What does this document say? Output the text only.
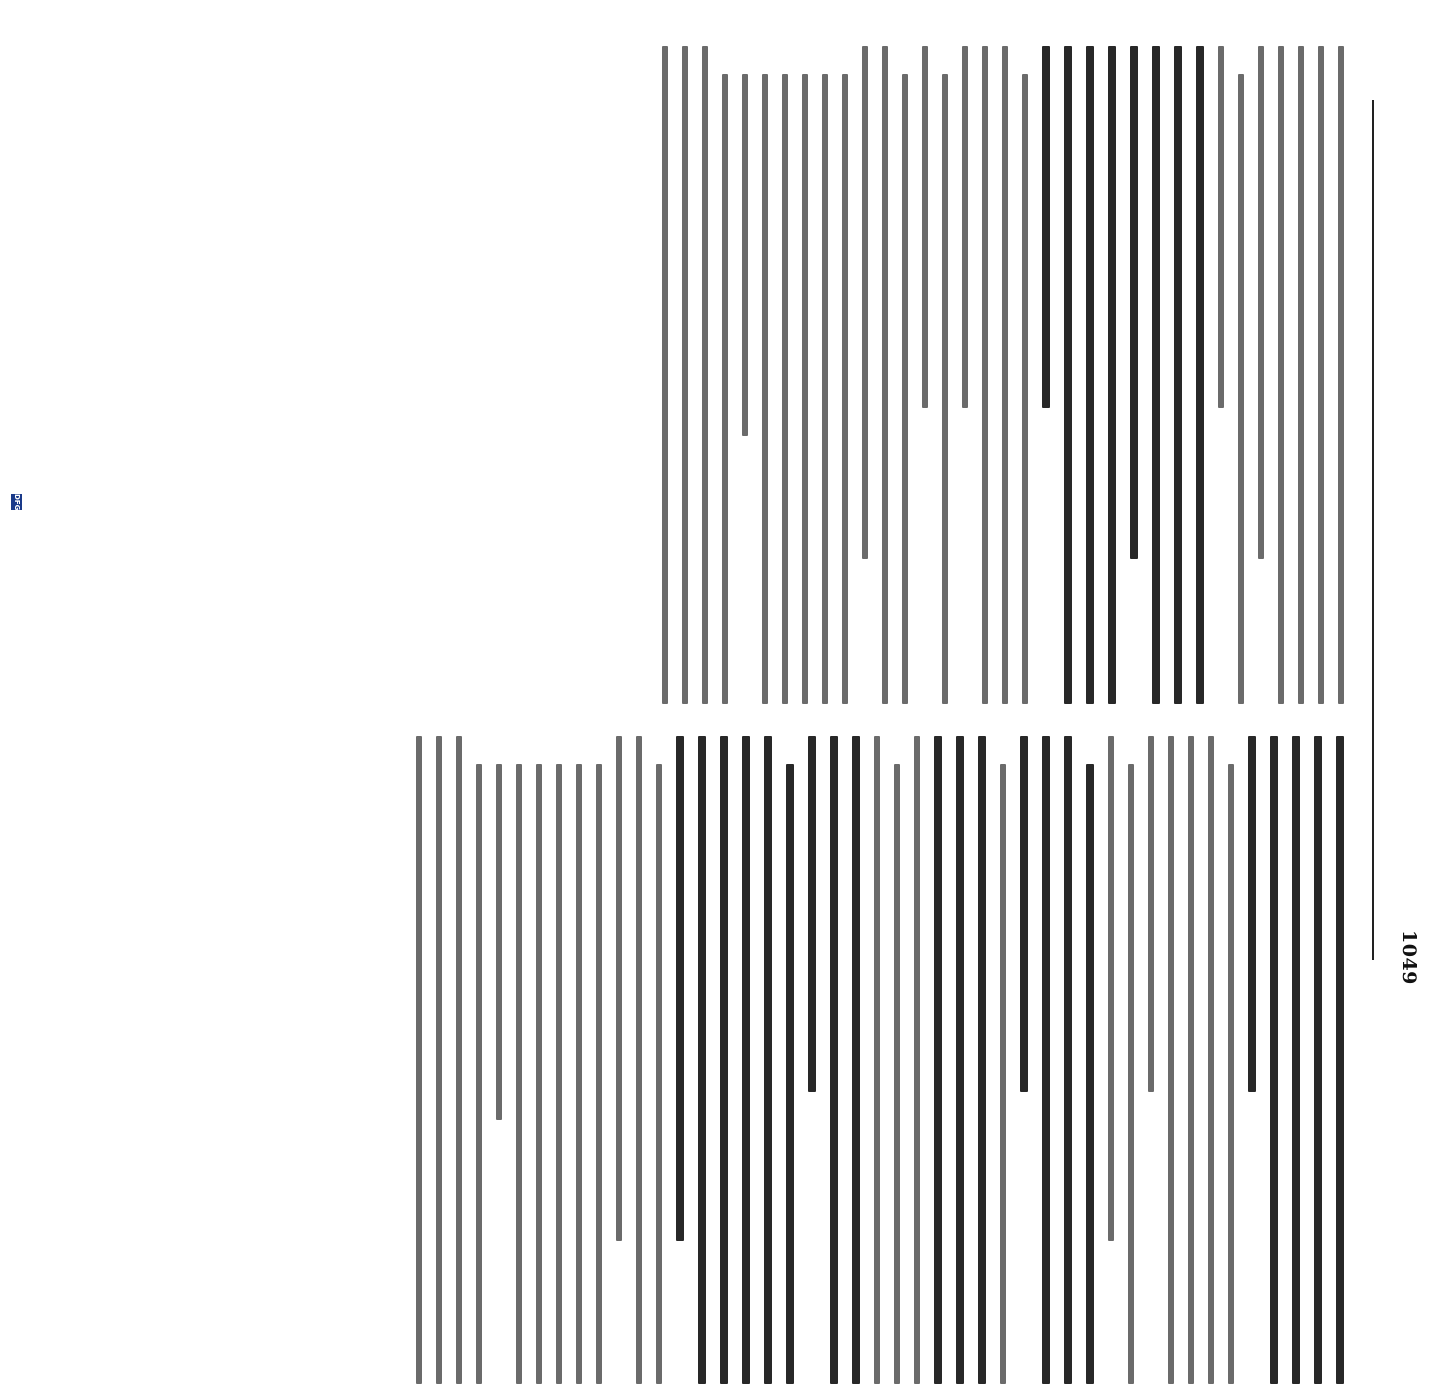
1049
DFG
